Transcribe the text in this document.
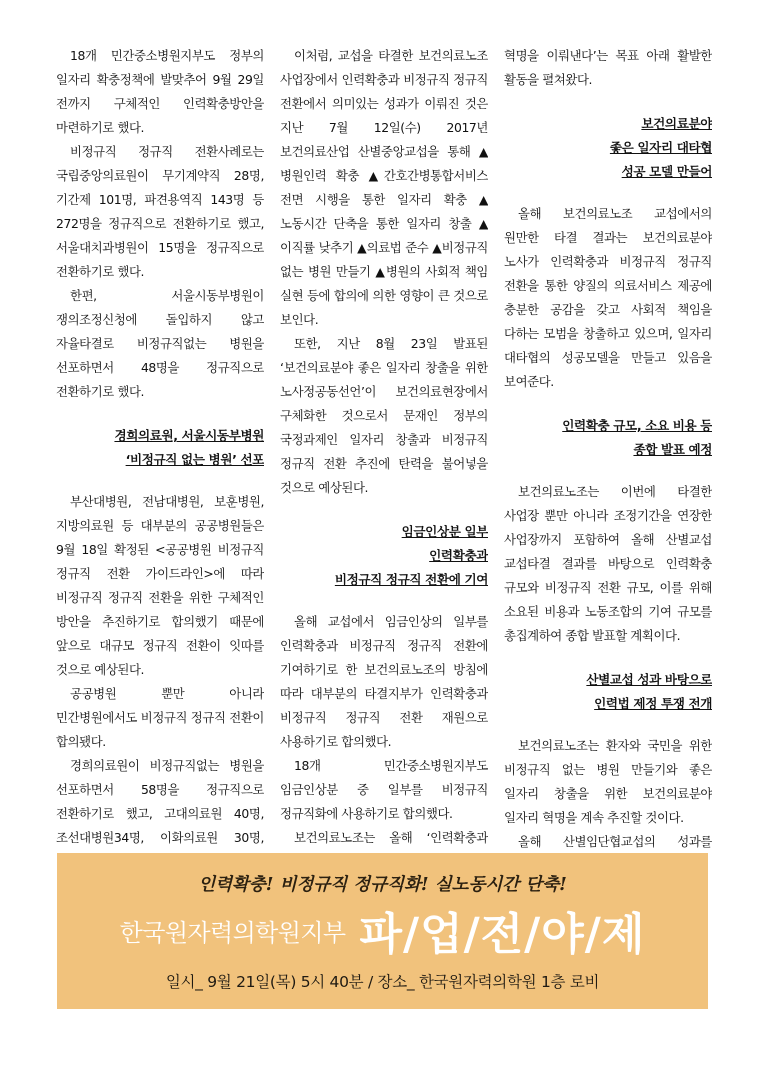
18개 민간중소병원지부도 정부의 일자리 확충정책에 발맞추어 9월 29일 전까지 구체적인 인력확충방안을 마련하기로 했다.

비정규직 정규직 전환사례로는 국립중앙의료원이 무기계약직 28명, 기간제 101명, 파견용역직 143명 등 272명을 정규직으로 전환하기로 했고, 서울대치과병원이 15명을 정규직으로 전환하기로 했다.

한편, 서울시동부병원이 쟁의조정신청에 돌입하지 않고 자율타결로 비정규직없는 병원을 선포하면서 48명을 정규직으로 전환하기로 했다.

경희의료원, 서울시동부병원
‘비정규직 없는 병원’ 선포

부산대병원, 전남대병원, 보훈병원, 지방의료원 등 대부분의 공공병원들은 9월 18일 확정된 <공공병원 비정규직 정규직 전환 가이드라인>에 따라 비정규직 정규직 전환을 위한 구체적인 방안을 추진하기로 합의했기 때문에 앞으로 대규모 정규직 전환이 잇따를 것으로 예상된다.

공공병원 뿐만 아니라 민간병원에서도 비정규직 정규직 전환이 합의됐다.

경희의료원이 비정규직없는 병원을 선포하면서 58명을 정규직으로 전환하기로 했고, 고대의료원 40명, 조선대병원34명, 이화의료원 30명,

이처럼, 교섭을 타결한 보건의료노조 사업장에서 인력확충과 비정규직 정규직 전환에서 의미있는 성과가 이뤄진 것은 지난 7월 12일(수) 2017년 보건의료산업 산별중앙교섭을 통해 ▲병원인력 확충 ▲간호간병통합서비스 전면 시행을 통한 일자리 확충 ▲노동시간 단축을 통한 일자리 창출 ▲이직률 낮추기 ▲의료법 준수 ▲비정규직 없는 병원 만들기 ▲병원의 사회적 책임 실현 등에 합의에 의한 영향이 큰 것으로 보인다.

또한, 지난 8월 23일 발표된 ‘보건의료분야 좋은 일자리 창출을 위한 노사정공동선언’이 보건의료현장에서 구체화한 것으로서 문재인 정부의 국정과제인 일자리 창출과 비정규직 정규직 전환 추진에 탄력을 불어넣을 것으로 예상된다.

임금인상분 일부
인력확충과
비정규직 정규직 전환에 기여

올해 교섭에서 임금인상의 일부를 인력확충과 비정규직 정규직 전환에 기여하기로 한 보건의료노조의 방침에 따라 대부분의 타결지부가 인력확충과 비정규직 정규직 전환 재원으로 사용하기로 합의했다.

18개 민간중소병원지부도 임금인상분 중 일부를 비정규직 정규직화에 사용하기로 합의했다.

보건의료노조는 올해 ‘인력확충과

혁명을 이뤄낸다’는 목표 아래 활발한 활동을 펼쳐왔다.

보건의료분야
좋은 일자리 대타협
성공 모델 만들어

올해 보건의료노조 교섭에서의 원만한 타결 결과는 보건의료분야 노사가 인력확충과 비정규직 정규직 전환을 통한 양질의 의료서비스 제공에 충분한 공감을 갖고 사회적 책임을 다하는 모범을 창출하고 있으며, 일자리 대타협의 성공모델을 만들고 있음을 보여준다.

인력확충 규모, 소요 비용 등
종합 발표 예정

보건의료노조는 이번에 타결한 사업장 뿐만 아니라 조정기간을 연장한 사업장까지 포함하여 올해 산별교섭 교섭타결 결과를 바탕으로 인력확충 규모와 비정규직 전환 규모, 이를 위해 소요된 비용과 노동조합의 기여 규모를 총집계하여 종합 발표할 계획이다.

산별교섭 성과 바탕으로
인력법 제정 투쟁 전개

보건의료노조는 환자와 국민을 위한 비정규직 없는 병원 만들기와 좋은 일자리 창출을 위한 보건의료분야 일자리 혁명을 계속 추진할 것이다.

올해 산별임단협교섭의 성과를

인력확충! 비정규직 정규직화! 실노동시간 단축!
한국원자력의학원지부 파/업/전/야/제
일시_ 9월 21일(목) 5시 40분 / 장소_ 한국원자력의학원 1층 로비
